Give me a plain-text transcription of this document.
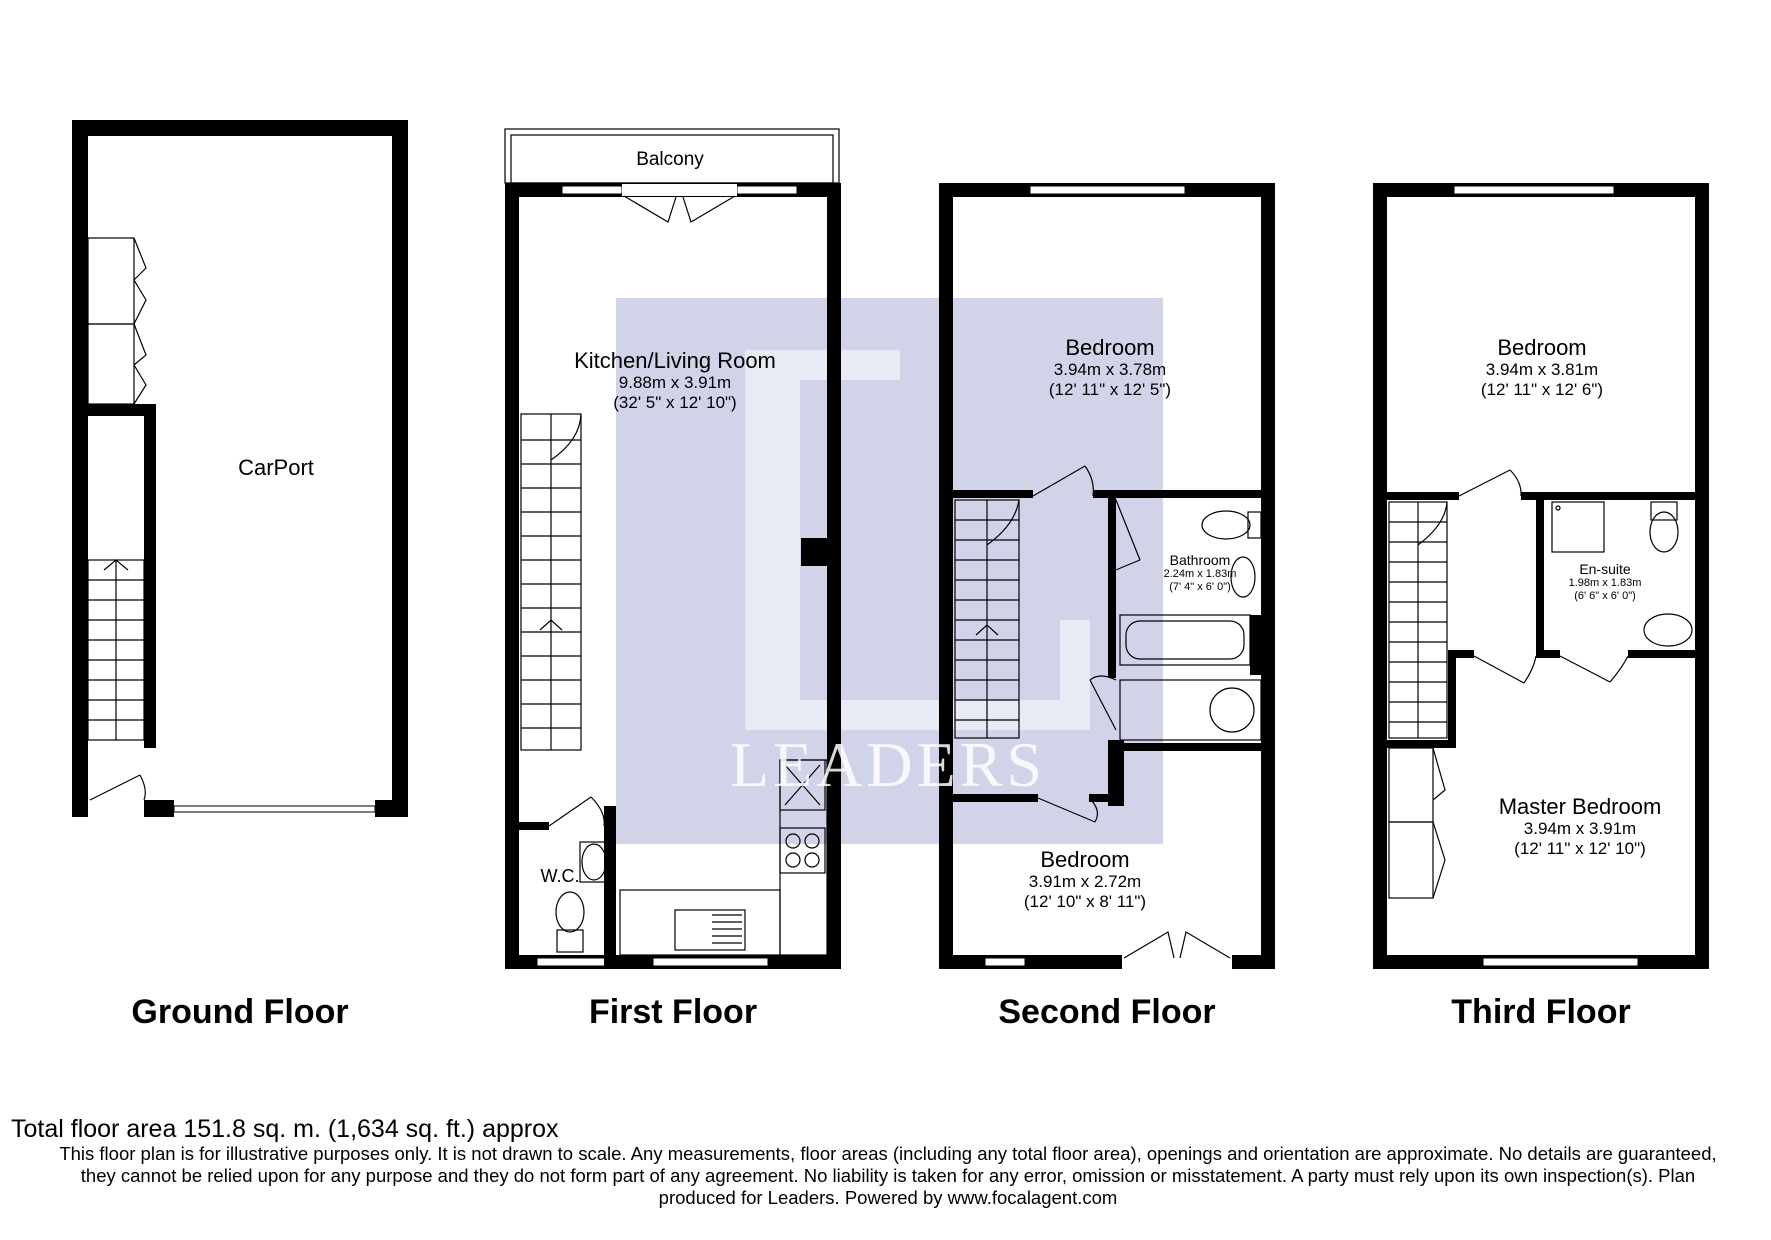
LEADERS
CarPort
Balcony
Kitchen/Living Room
9.88m x 3.91m
(32' 5" x 12' 10")
W.C.
Bedroom
3.94m x 3.78m
(12' 11" x 12' 5")
Bathroom
2.24m x 1.83m
(7' 4" x 6' 0")
Bedroom
3.91m x 2.72m
(12' 10" x 8' 11")
Bedroom
3.94m x 3.81m
(12' 11" x 12' 6")
En-suite
1.98m x 1.83m
(6' 6" x 6' 0")
Master Bedroom
3.94m x 3.91m
(12' 11" x 12' 10")
Ground Floor	First Floor	Second Floor	Third Floor
Total floor area 151.8 sq. m. (1,634 sq. ft.) approx
This floor plan is for illustrative purposes only. It is not drawn to scale. Any measurements, floor areas (including any total floor area), openings and orientation are approximate. No details are guaranteed, they cannot be relied upon for any purpose and they do not form part of any agreement. No liability is taken for any error, omission or misstatement. A party must rely upon its own inspection(s). Plan produced for Leaders. Powered by www.focalagent.com
